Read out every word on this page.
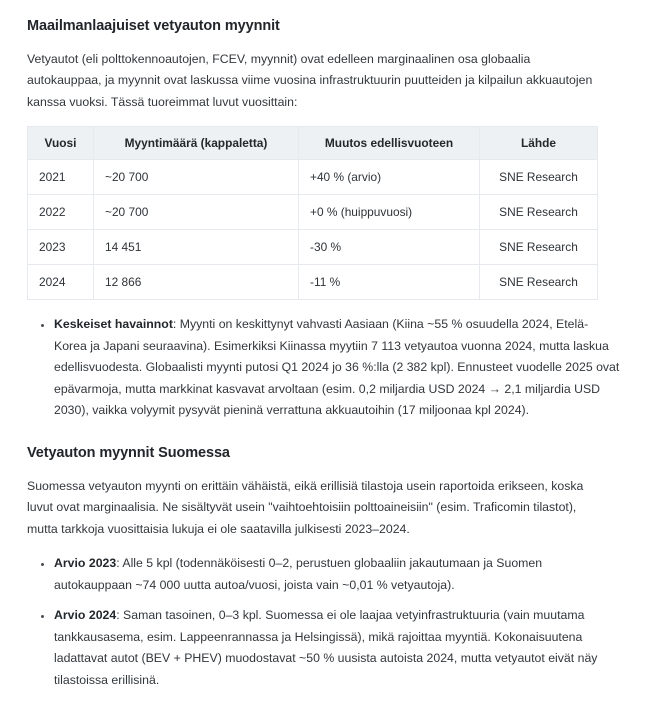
Maailmanlaajuiset vetyauton myynnit

Vetyautot (eli polttokennoautojen, FCEV, myynnit) ovat edelleen marginaalinen osa globaalia autokauppaa, ja myynnit ovat laskussa viime vuosina infrastruktuurin puutteiden ja kilpailun akkuautojen kanssa vuoksi. Tässä tuoreimmat luvut vuosittain:

Vuosi	Myyntimäärä (kappaletta)	Muutos edellisvuoteen	Lähde
2021	~20 700	+40 % (arvio)	SNE Research
2022	~20 700	+0 % (huippuvuosi)	SNE Research
2023	14 451	-30 %	SNE Research
2024	12 866	-11 %	SNE Research
Keskeiset havainnot: Myynti on keskittynyt vahvasti Aasiaan (Kiina ~55 % osuudella 2024, Etelä-Korea ja Japani seuraavina). Esimerkiksi Kiinassa myytiin 7 113 vetyautoa vuonna 2024, mutta laskua edellisvuodesta. Globaalisti myynti putosi Q1 2024 jo 36 %:lla (2 382 kpl). Ennusteet vuodelle 2025 ovat epävarmoja, mutta markkinat kasvavat arvoltaan (esim. 0,2 miljardia USD 2024 → 2,1 miljardia USD 2030), vaikka volyymit pysyvät pieninä verrattuna akkuautoihin (17 miljoonaa kpl 2024).
Vetyauton myynnit Suomessa

Suomessa vetyauton myynti on erittäin vähäistä, eikä erillisiä tilastoja usein raportoida erikseen, koska luvut ovat marginaalisia. Ne sisältyvät usein "vaihtoehtoisiin polttoaineisiin" (esim. Traficomin tilastot), mutta tarkkoja vuosittaisia lukuja ei ole saatavilla julkisesti 2023–2024.

Arvio 2023: Alle 5 kpl (todennäköisesti 0–2, perustuen globaaliin jakautumaan ja Suomen autokauppaan ~74 000 uutta autoa/vuosi, joista vain ~0,01 % vetyautoja).
Arvio 2024: Saman tasoinen, 0–3 kpl. Suomessa ei ole laajaa vetyinfrastruktuuria (vain muutama tankkausasema, esim. Lappeenrannassa ja Helsingissä), mikä rajoittaa myyntiä. Kokonaisuutena ladattavat autot (BEV + PHEV) muodostavat ~50 % uusista autoista 2024, mutta vetyautot eivät näy tilastoissa erillisinä.
